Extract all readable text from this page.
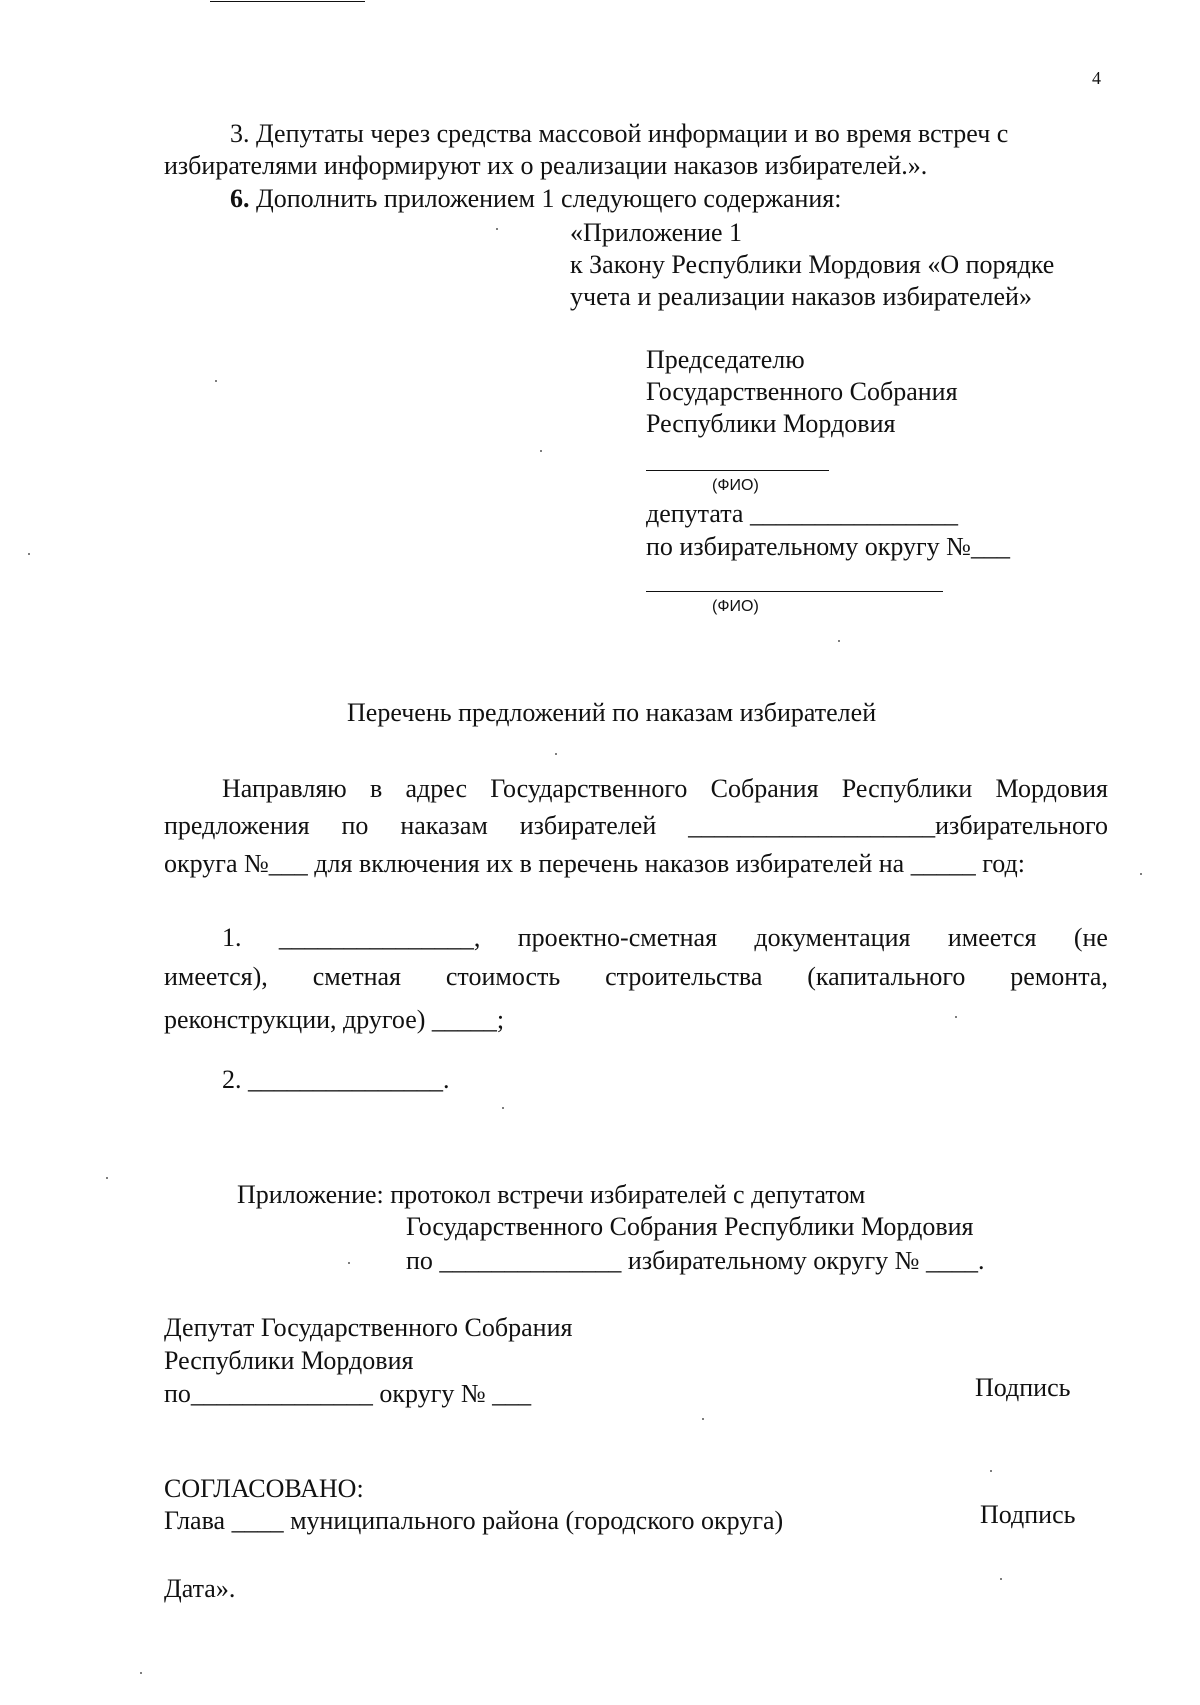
4
3. Депутаты через средства массовой информации и во время встреч с
избирателями информируют их о реализации наказов избирателей.».
6. Дополнить приложением 1 следующего содержания:
«Приложение 1
к Закону Республики Мордовия «О порядке
учета и реализации наказов избирателей»
Председателю
Государственного Собрания
Республики Мордовия
(ФИО)
депутата ________________
по избирательному округу №___
(ФИО)
Перечень предложений по наказам избирателей
Направляю в адрес Государственного Собрания Республики Мордовия
предложения по наказам избирателей ___________________избирательного
округа №___ для включения их в перечень наказов избирателей на _____ год:
1. _______________, проектно-сметная документация имеется (не
имеется), сметная стоимость строительства (капитального ремонта,
реконструкции, другое) _____;
2. _______________.
Приложение: протокол встречи избирателей с депутатом
Государственного Собрания Республики Мордовия
по ______________ избирательному округу № ____.
Депутат Государственного Собрания
Республики Мордовия
по______________ округу № ___	Подпись
СОГЛАСОВАНО:
Глава ____ муниципального района (городского округа)	Подпись
Дата».
